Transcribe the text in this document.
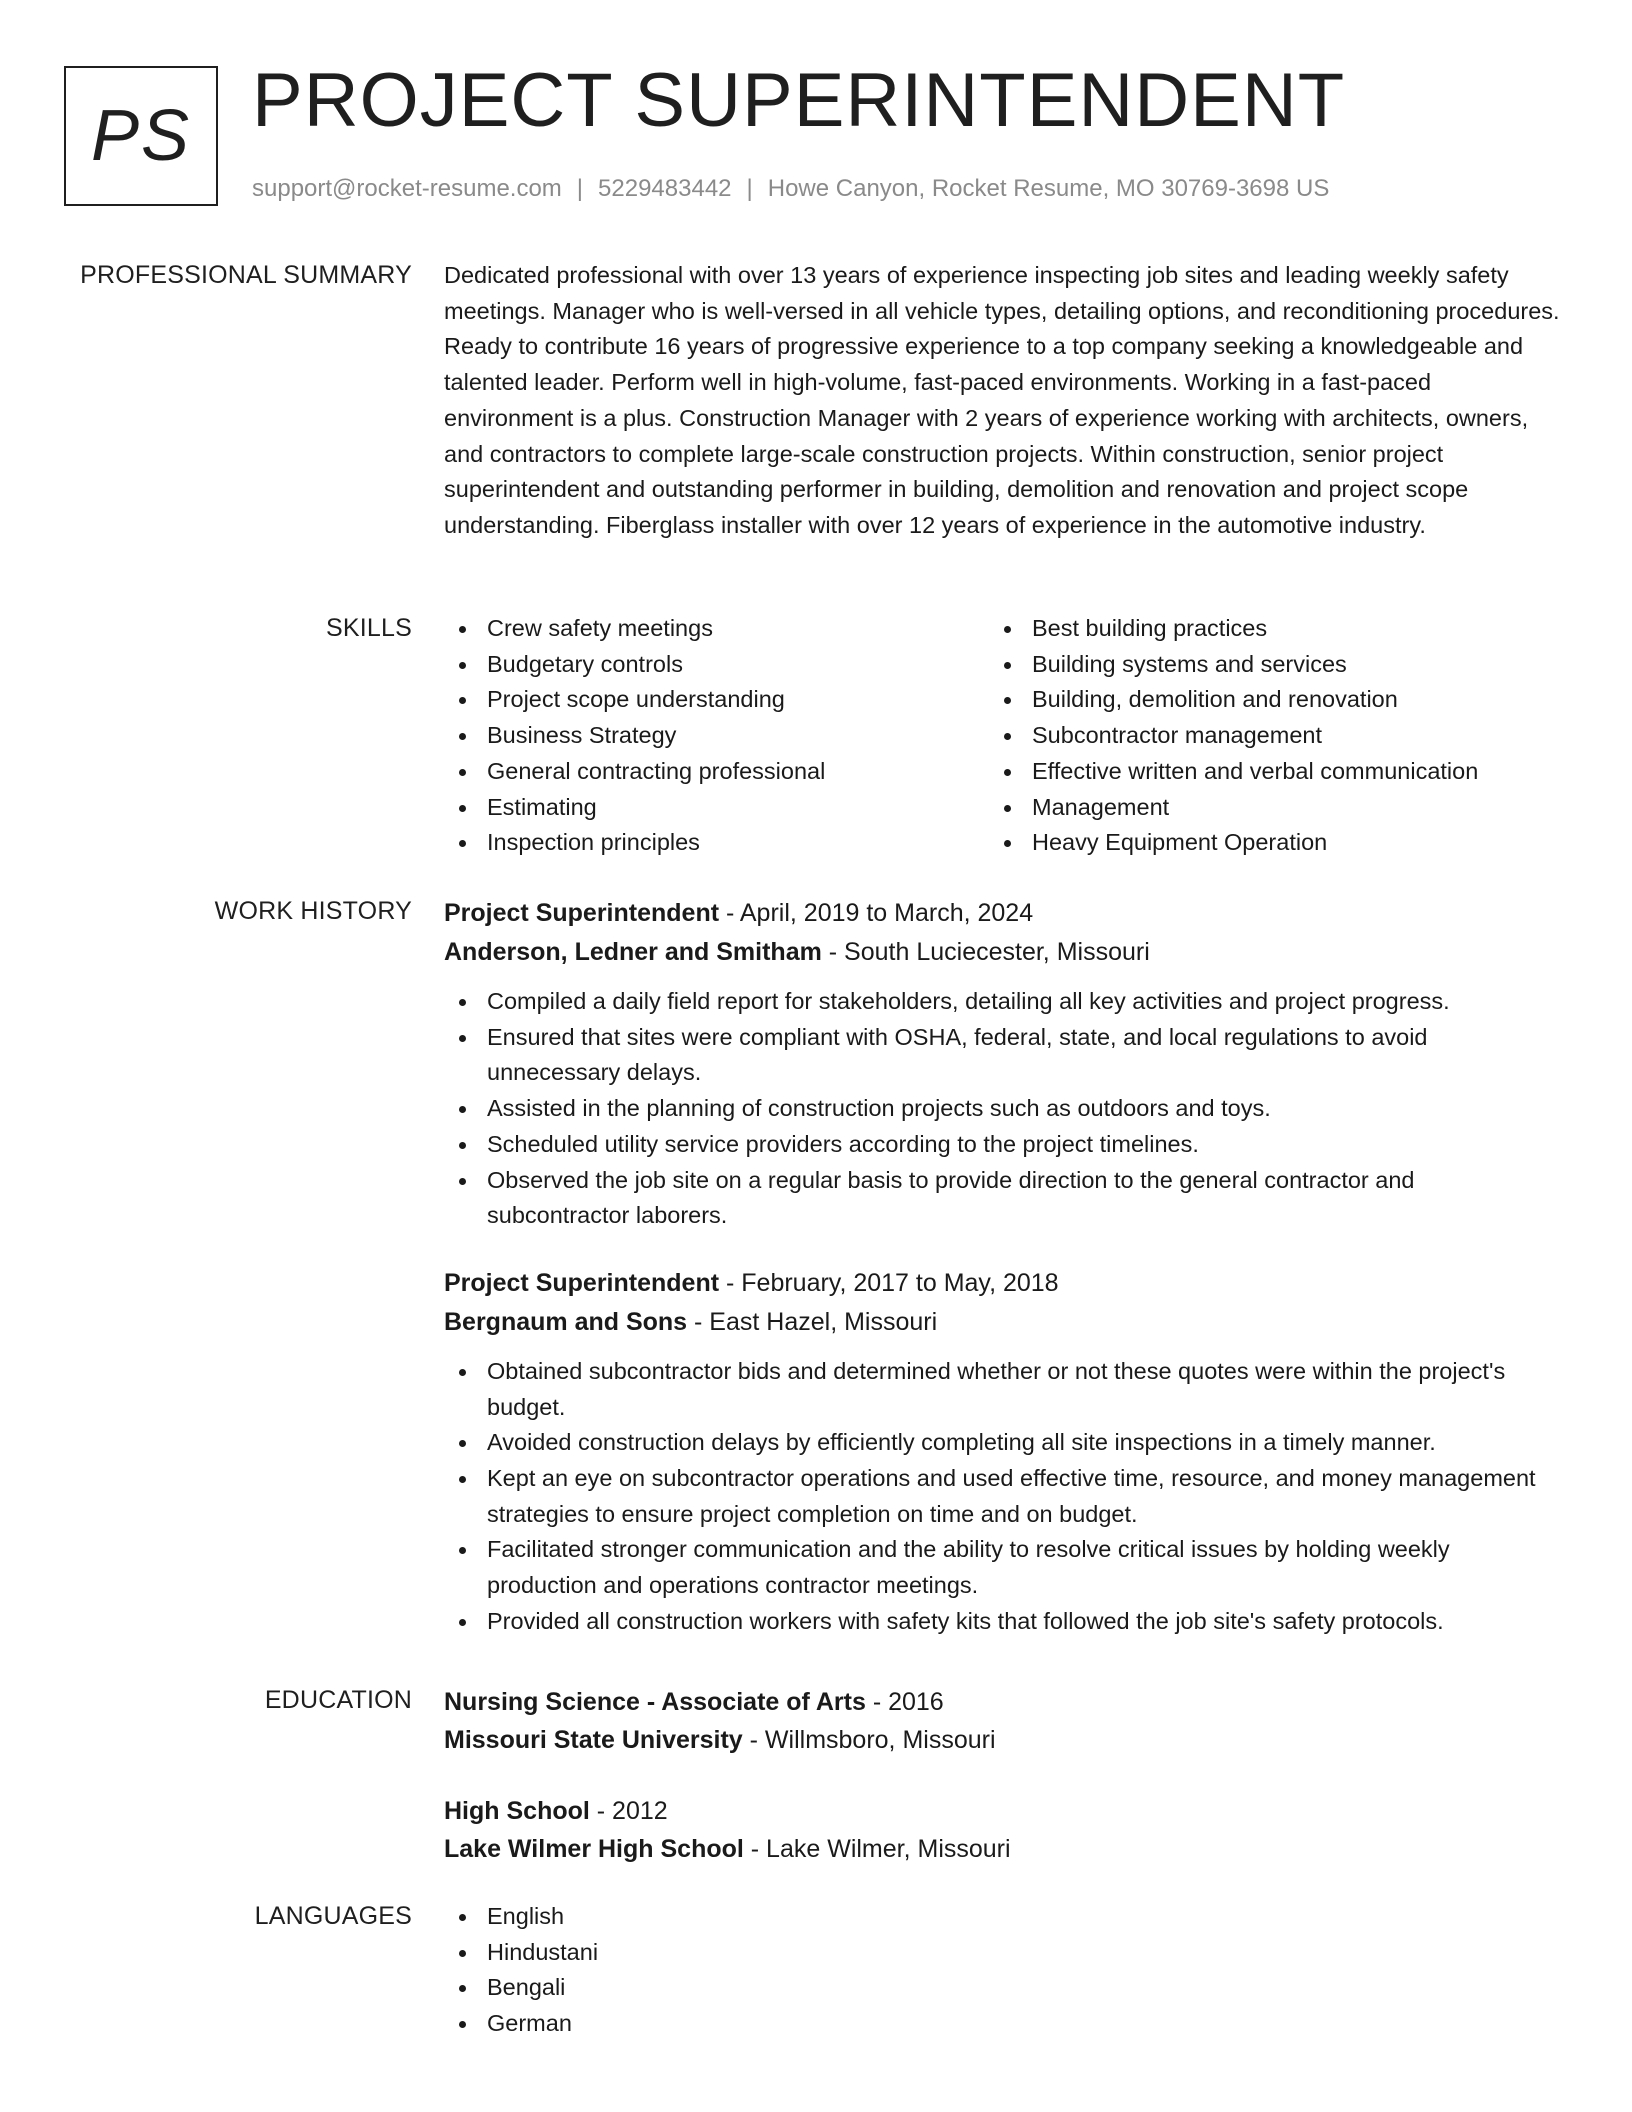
PS PROJECT SUPERINTENDENT
support@rocket-resume.com | 5229483442 | Howe Canyon, Rocket Resume, MO 30769-3698 US
PROFESSIONAL SUMMARY Dedicated professional with over 13 years of experience inspecting job sites and leading weekly safety meetings. Manager who is well-versed in all vehicle types, detailing options, and reconditioning procedures. Ready to contribute 16 years of progressive experience to a top company seeking a knowledgeable and talented leader. Perform well in high-volume, fast-paced environments. Working in a fast-paced environment is a plus. Construction Manager with 2 years of experience working with architects, owners, and contractors to complete large-scale construction projects. Within construction, senior project superintendent and outstanding performer in building, demolition and renovation and project scope understanding. Fiberglass installer with over 12 years of experience in the automotive industry.

SKILLS	Crew safety meetings
Budgetary controls
Project scope understanding
Business Strategy
General contracting professional
Estimating
Inspection principles
Best building practices
Building systems and services
Building, demolition and renovation
Subcontractor management
Effective written and verbal communication
Management
Heavy Equipment Operation
WORK HISTORY Project Superintendent - April, 2019 to March, 2024
Anderson, Ledner and Smitham - South Luciecester, Missouri
Compiled a daily field report for stakeholders, detailing all key activities and project progress.
Ensured that sites were compliant with OSHA, federal, state, and local regulations to avoid unnecessary delays.
Assisted in the planning of construction projects such as outdoors and toys.
Scheduled utility service providers according to the project timelines.
Observed the job site on a regular basis to provide direction to the general contractor and subcontractor laborers.
Project Superintendent - February, 2017 to May, 2018
Bergnaum and Sons - East Hazel, Missouri
Obtained subcontractor bids and determined whether or not these quotes were within the project's budget.
Avoided construction delays by efficiently completing all site inspections in a timely manner.
Kept an eye on subcontractor operations and used effective time, resource, and money management strategies to ensure project completion on time and on budget.
Facilitated stronger communication and the ability to resolve critical issues by holding weekly production and operations contractor meetings.
Provided all construction workers with safety kits that followed the job site's safety protocols.
EDUCATION Nursing Science - Associate of Arts - 2016
Missouri State University - Willmsboro, Missouri
High School - 2012
Lake Wilmer High School - Lake Wilmer, Missouri
LANGUAGES	English
Hindustani
Bengali
German
